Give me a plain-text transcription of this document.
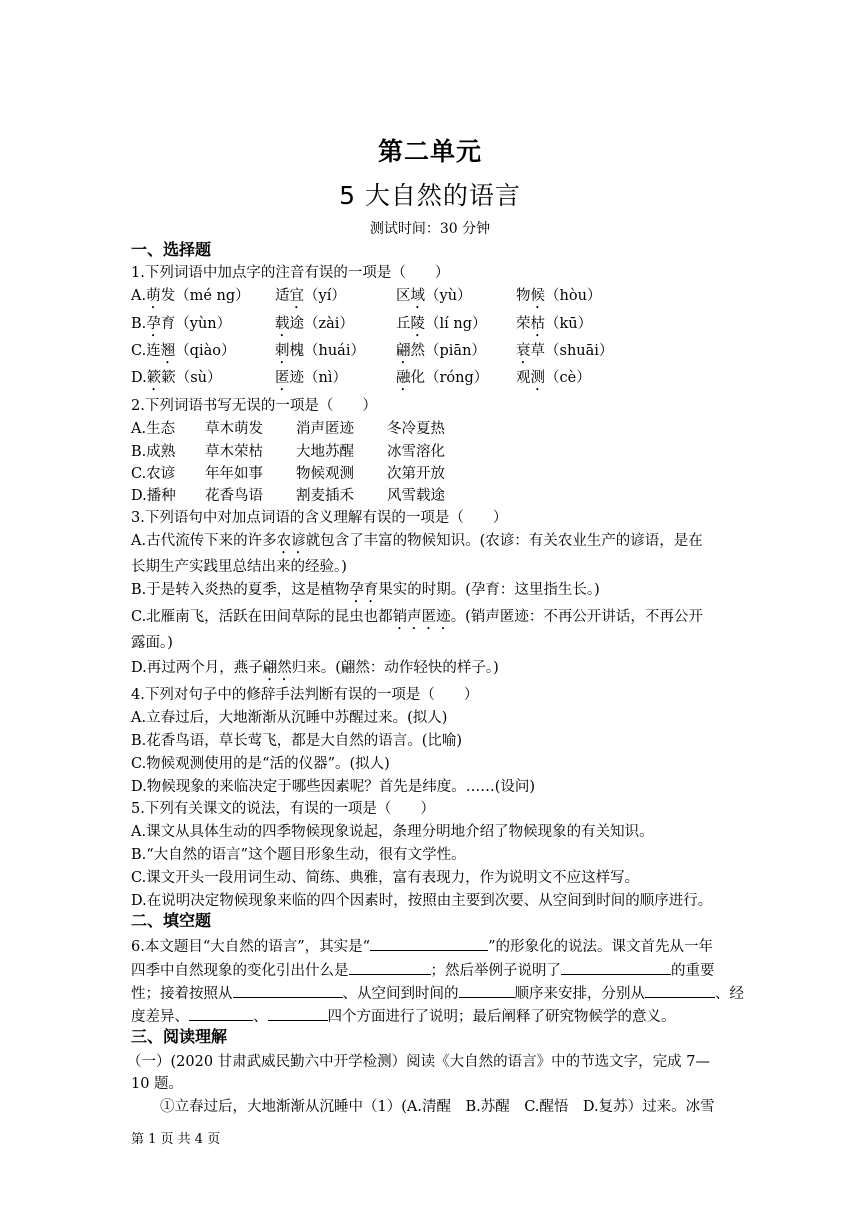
第二单元
5 大自然的语言
测试时间：30 分钟
一、选择题
1.下列词语中加点字的注音有误的一项是（　　）
A.萌发（mé ng） 适宜（yí）	区域（yù）	物候（hòu）
B.孕育（yùn）	载途（zài）	丘陵（lí ng） 荣枯（kū）
C.连翘（qiào）	刺槐（huái） 翩然（piān） 衰草（shuāi）
D.簌簌（sù）	匿迹（nì）	融化（róng） 观测（cè）
2.下列词语书写无误的一项是（　　）
A.生态 草木萌发 消声匿迹 冬冷夏热
B.成熟 草木荣枯 大地苏醒 冰雪溶化
C.农谚 年年如事 物候观测 次第开放
D.播种 花香鸟语 割麦插禾 风雪载途
3.下列语句中对加点词语的含义理解有误的一项是（　　）
A.古代流传下来的许多农谚就包含了丰富的物候知识。(农谚：有关农业生产的谚语，是在
长期生产实践里总结出来的经验。)
B.于是转入炎热的夏季，这是植物孕育果实的时期。(孕育：这里指生长。)
C.北雁南飞，活跃在田间草际的昆虫也都销声匿迹。(销声匿迹：不再公开讲话，不再公开
露面。)
D.再过两个月，燕子翩然归来。(翩然：动作轻快的样子。)
4.下列对句子中的修辞手法判断有误的一项是（　　）
A.立春过后，大地渐渐从沉睡中苏醒过来。(拟人)
B.花香鸟语，草长莺飞，都是大自然的语言。(比喻)
C.物候观测使用的是“活的仪器”。(拟人)
D.物候现象的来临决定于哪些因素呢？首先是纬度。……(设问)
5.下列有关课文的说法，有误的一项是（　　）
A.课文从具体生动的四季物候现象说起，条理分明地介绍了物候现象的有关知识。
B.“大自然的语言”这个题目形象生动，很有文学性。
C.课文开头一段用词生动、简练、典雅，富有表现力，作为说明文不应这样写。
D.在说明决定物候现象来临的四个因素时，按照由主要到次要、从空间到时间的顺序进行。
二、填空题
6.本文题目“大自然的语言”，其实是“	”的形象化的说法。课文首先从一年
四季中自然现象的变化引出什么是	；然后举例子说明了	的重要
性；接着按照从	、从空间到时间的	顺序来安排，分别从	、经
度差异、	、	四个方面进行了说明；最后阐释了研究物候学的意义。
三、阅读理解
（一）(2020 甘肃武威民勤六中开学检测）阅读《大自然的语言》中的节选文字，完成 7—
10 题。
①立春过后，大地渐渐从沉睡中（1）(A.清醒　B.苏醒　C.醒悟　D.复苏）过来。冰雪
第 1 页 共 4 页
